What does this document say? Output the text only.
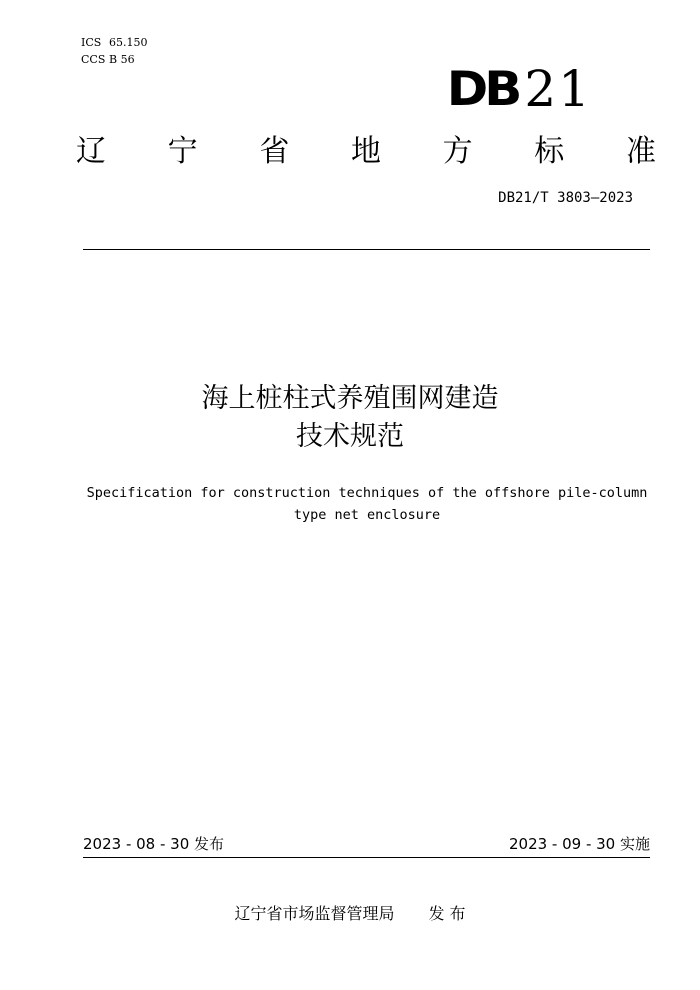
ICS 65.150
CCS B 56
DB 21
辽 宁 省 地 方 标 准
DB21/T 3803—2023
海上桩柱式养殖围网建造
技术规范
Specification for construction techniques of the offshore pile-column
type net enclosure
2023 - 08 - 30 发布	2023 - 09 - 30 实施
辽宁省市场监督管理局 发 布
